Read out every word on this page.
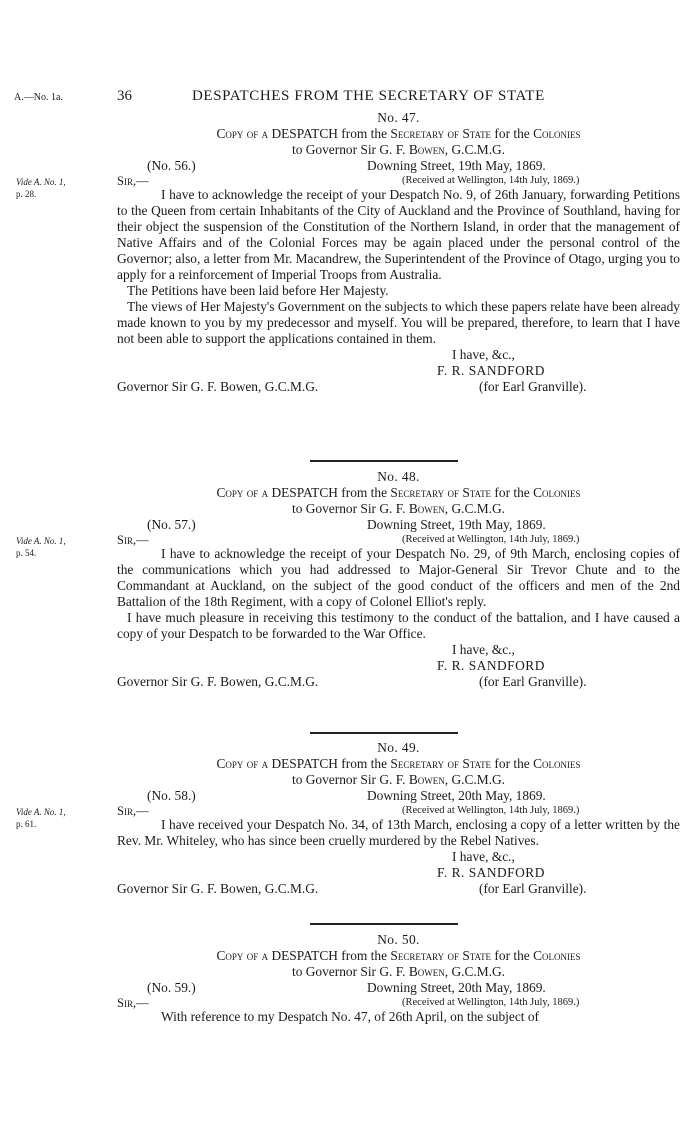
A.—No. 1a.	36	DESPATCHES FROM THE SECRETARY OF STATE
Vide A. No. 1,
p. 28.
No. 47.
Copy of a DESPATCH from the Secretary of State for the Colonies
to Governor Sir G. F. Bowen, G.C.M.G.
(No. 56.)	Downing Street, 19th May, 1869.
Sir,—	(Received at Wellington, 14th July, 1869.)

I have to acknowledge the receipt of your Despatch No. 9, of 26th January, forwarding Petitions to the Queen from certain Inhabitants of the City of Auckland and the Province of Southland, having for their object the suspension of the Constitution of the Northern Island, in order that the management of Native Affairs and of the Colonial Forces may be again placed under the personal control of the Governor; also, a letter from Mr. Macandrew, the Superintendent of the Province of Otago, urging you to apply for a reinforcement of Imperial Troops from Australia.

The Petitions have been laid before Her Majesty.

The views of Her Majesty's Government on the subjects to which these papers relate have been already made known to you by my predecessor and myself. You will be prepared, therefore, to learn that I have not been able to support the applications contained in them.

I have, &c.,
F. R. SANDFORD
Governor Sir G. F. Bowen, G.C.M.G.	(for Earl Granville).
Vide A. No. 1,
p. 54.
No. 48.
Copy of a DESPATCH from the Secretary of State for the Colonies
to Governor Sir G. F. Bowen, G.C.M.G.
(No. 57.)	Downing Street, 19th May, 1869.
Sir,—	(Received at Wellington, 14th July, 1869.)

I have to acknowledge the receipt of your Despatch No. 29, of 9th March, enclosing copies of the communications which you had addressed to Major-General Sir Trevor Chute and to the Commandant at Auckland, on the subject of the good conduct of the officers and men of the 2nd Battalion of the 18th Regiment, with a copy of Colonel Elliot's reply.

I have much pleasure in receiving this testimony to the conduct of the battalion, and I have caused a copy of your Despatch to be forwarded to the War Office.

I have, &c.,
F. R. SANDFORD
Governor Sir G. F. Bowen, G.C.M.G.	(for Earl Granville).
Vide A. No. 1,
p. 61.
No. 49.
Copy of a DESPATCH from the Secretary of State for the Colonies
to Governor Sir G. F. Bowen, G.C.M.G.
(No. 58.)	Downing Street, 20th May, 1869.
Sir,—	(Received at Wellington, 14th July, 1869.)

I have received your Despatch No. 34, of 13th March, enclosing a copy of a letter written by the Rev. Mr. Whiteley, who has since been cruelly murdered by the Rebel Natives.

I have, &c.,
F. R. SANDFORD
Governor Sir G. F. Bowen, G.C.M.G.	(for Earl Granville).
No. 50.
Copy of a DESPATCH from the Secretary of State for the Colonies
to Governor Sir G. F. Bowen, G.C.M.G.
(No. 59.)	Downing Street, 20th May, 1869.
Sir,—	(Received at Wellington, 14th July, 1869.)

With reference to my Despatch No. 47, of 26th April, on the subject of
